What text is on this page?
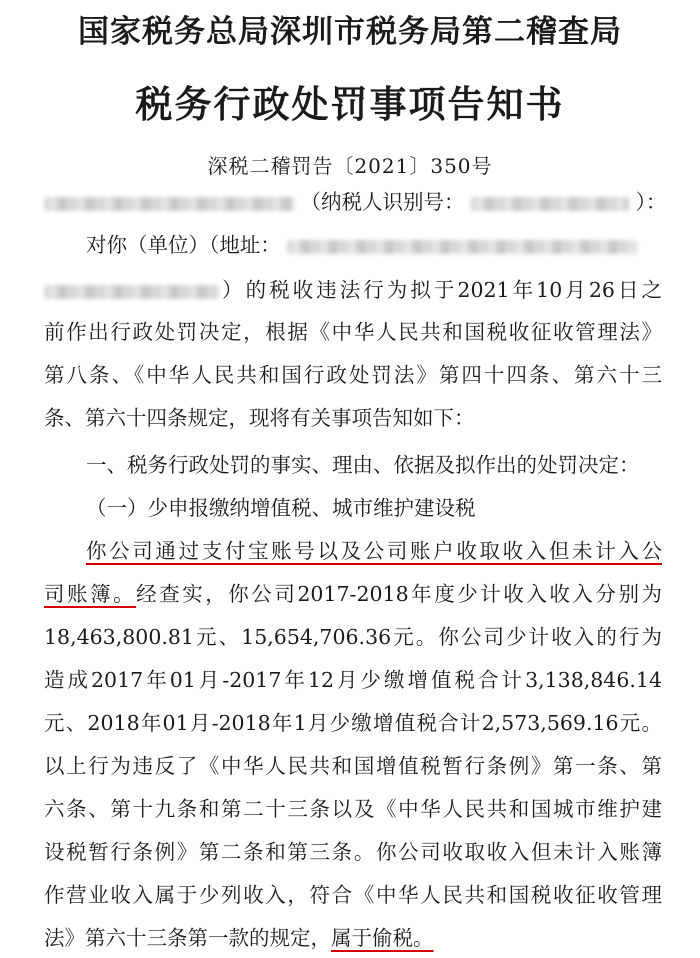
国家税务总局深圳市税务局第二稽查局
税务行政处罚事项告知书
深税二稽罚告〔2021〕350号
（纳税人识别号：	）：
对你（单位）（地址：
）的税收违法行为拟于2021年10月26日之
前作出行政处罚决定，根据《中华人民共和国税收征收管理法》
第八条、《中华人民共和国行政处罚法》第四十四条、第六十三
条、第六十四条规定，现将有关事项告知如下：
一、税务行政处罚的事实、理由、依据及拟作出的处罚决定：
（一）少申报缴纳增值税、城市维护建设税
你公司通过支付宝账号以及公司账户收取收入但未计入公
司账簿。经查实，你公司2017-2018年度少计收入收入分别为
18,463,800.81元、15,654,706.36元。你公司少计收入的行为
造成2017年01月-2017年12月少缴增值税合计3,138,846.14
元、2018年01月-2018年1月少缴增值税合计2,573,569.16元。
以上行为违反了《中华人民共和国增值税暂行条例》第一条、第
六条、第十九条和第二十三条以及《中华人民共和国城市维护建
设税暂行条例》第二条和第三条。你公司收取收入但未计入账簿
作营业收入属于少列收入，符合《中华人民共和国税收征收管理
法》第六十三条第一款的规定，属于偷税。
